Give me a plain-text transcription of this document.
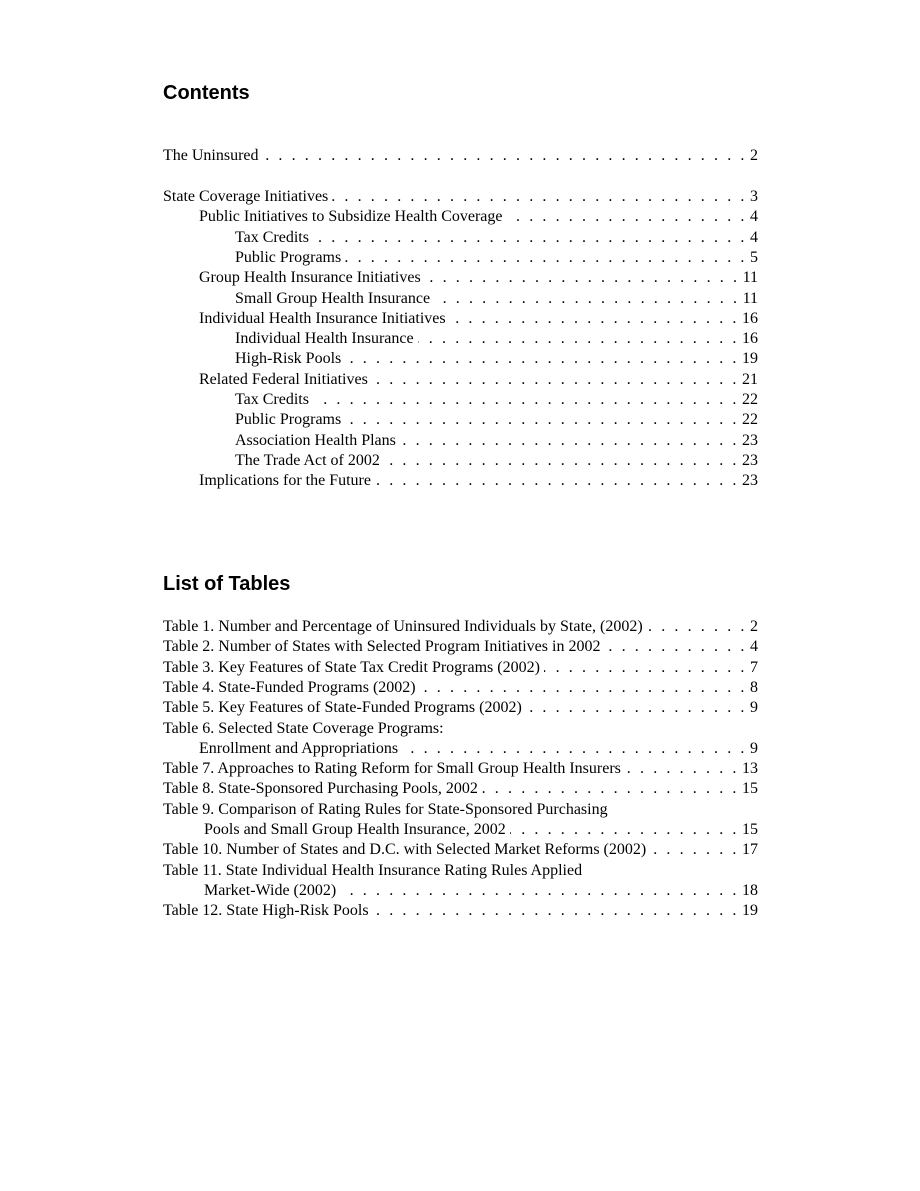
Contents
The Uninsured . . .	2
State Coverage Initiatives . . .	3
Public Initiatives to Subsidize Health Coverage . . .	4
Tax Credits . . .	4
Public Programs . . .	5
Group Health Insurance Initiatives . . .	11
Small Group Health Insurance . . .	11
Individual Health Insurance Initiatives . . .	16
Individual Health Insurance . . .	16
High-Risk Pools . . .	19
Related Federal Initiatives . . .	21
Tax Credits . . .	22
Public Programs . . .	22
Association Health Plans . . .	23
The Trade Act of 2002 . . .	23
Implications for the Future . . .	23
List of Tables
Table 1. Number and Percentage of Uninsured Individuals by State, (2002) . . .	2
Table 2. Number of States with Selected Program Initiatives in 2002 . . .	4
Table 3. Key Features of State Tax Credit Programs (2002) . . .	7
Table 4. State-Funded Programs (2002) . . .	8
Table 5. Key Features of State-Funded Programs (2002) . . .	9
Table 6. Selected State Coverage Programs:
Enrollment and Appropriations . . .	9
Table 7. Approaches to Rating Reform for Small Group Health Insurers . . .	13
Table 8. State-Sponsored Purchasing Pools, 2002 . . .	15
Table 9. Comparison of Rating Rules for State-Sponsored Purchasing
Pools and Small Group Health Insurance, 2002 . . .	15
Table 10. Number of States and D.C. with Selected Market Reforms (2002) . . .	17
Table 11. State Individual Health Insurance Rating Rules Applied
Market-Wide (2002) . . .	18
Table 12. State High-Risk Pools . . .	19
